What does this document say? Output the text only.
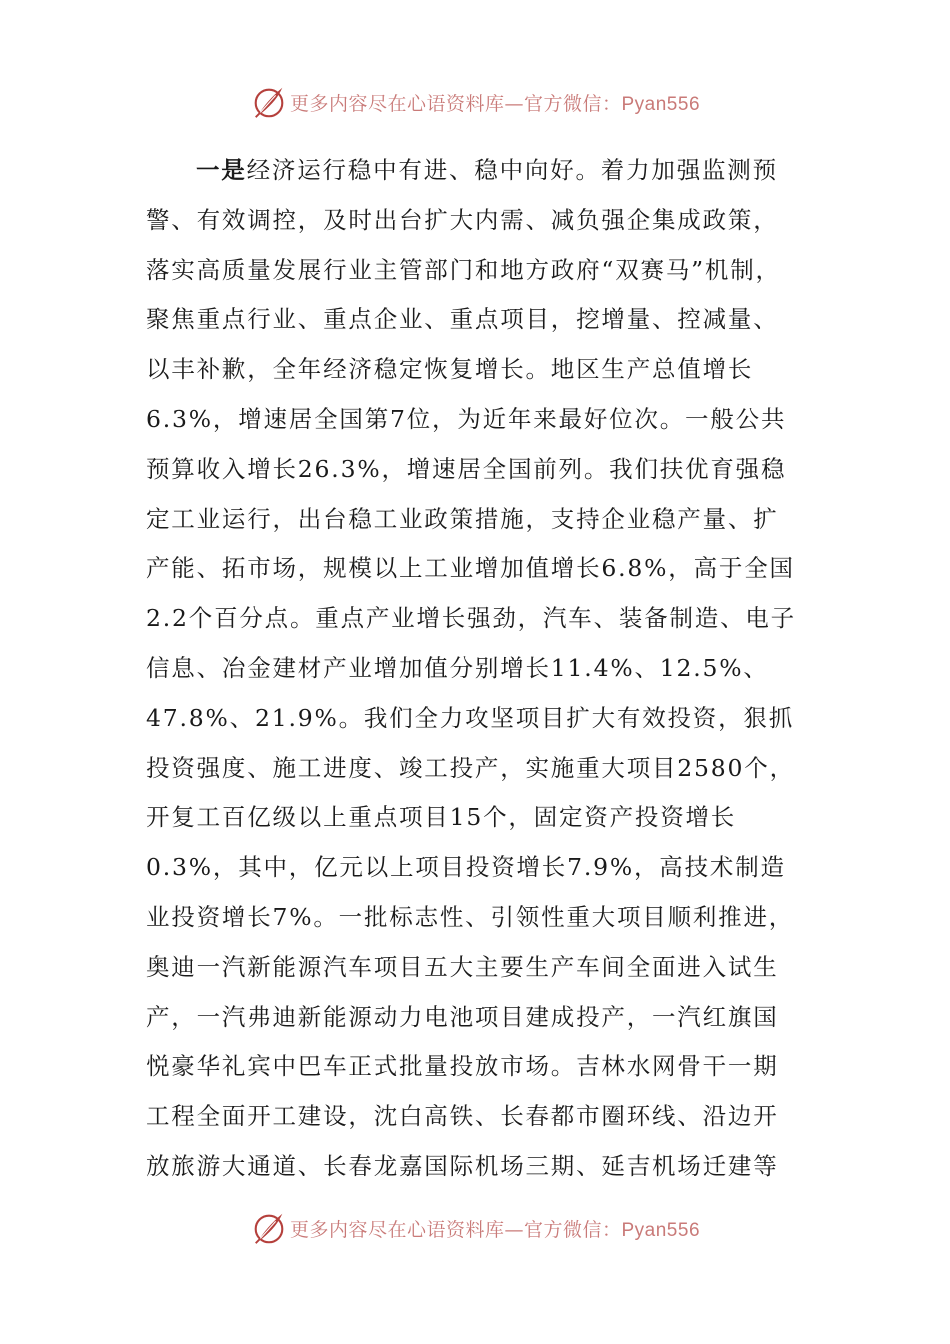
更多内容尽在心语资料库—官方微信：Pyan556
一是经济运行稳中有进、稳中向好。着力加强监测预
警、有效调控，及时出台扩大内需、减负强企集成政策，
落实高质量发展行业主管部门和地方政府“双赛马”机制，
聚焦重点行业、重点企业、重点项目，挖增量、控减量、
以丰补歉，全年经济稳定恢复增长。地区生产总值增长
6.3%，增速居全国第7位，为近年来最好位次。一般公共
预算收入增长26.3%，增速居全国前列。我们扶优育强稳
定工业运行，出台稳工业政策措施，支持企业稳产量、扩
产能、拓市场，规模以上工业增加值增长6.8%，高于全国
2.2个百分点。重点产业增长强劲，汽车、装备制造、电子
信息、冶金建材产业增加值分别增长11.4%、12.5%、
47.8%、21.9%。我们全力攻坚项目扩大有效投资，狠抓
投资强度、施工进度、竣工投产，实施重大项目2580个，
开复工百亿级以上重点项目15个，固定资产投资增长
0.3%，其中，亿元以上项目投资增长7.9%，高技术制造
业投资增长7%。一批标志性、引领性重大项目顺利推进，
奥迪一汽新能源汽车项目五大主要生产车间全面进入试生
产，一汽弗迪新能源动力电池项目建成投产，一汽红旗国
悦豪华礼宾中巴车正式批量投放市场。吉林水网骨干一期
工程全面开工建设，沈白高铁、长春都市圈环线、沿边开
放旅游大通道、长春龙嘉国际机场三期、延吉机场迁建等
更多内容尽在心语资料库—官方微信：Pyan556
